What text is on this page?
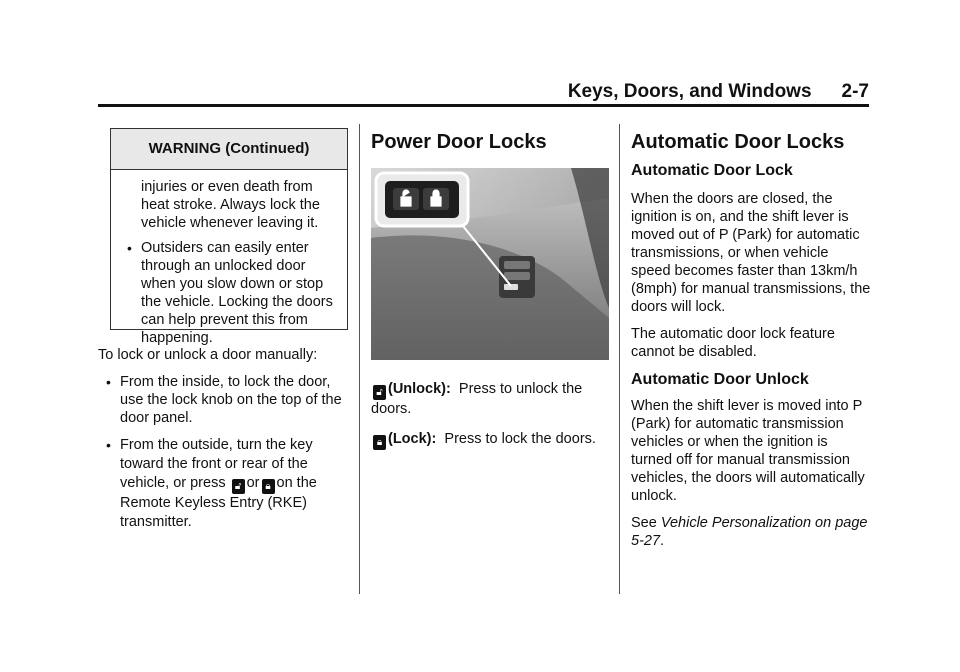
Keys, Doors, and Windows 2-7
WARNING (Continued)

injuries or even death from heat stroke. Always lock the vehicle whenever leaving it.

• Outsiders can easily enter through an unlocked door when you slow down or stop the vehicle. Locking the doors can help prevent this from happening.

To lock or unlock a door manually:

• From the inside, to lock the door, use the lock knob on the top of the door panel.

• From the outside, turn the key toward the front or rear of the
vehicle, or press 🔓︎ or 🔒︎ on the
Remote Keyless Entry (RKE) transmitter.
Power Door Locks

🔓︎ (Unlock): Press to unlock the doors.

🔒︎ (Lock): Press to lock the doors.

Automatic Door Locks
Automatic Door Lock

When the doors are closed, the ignition is on, and the shift lever is moved out of P (Park) for automatic transmissions, or when vehicle speed becomes faster than 13km/h (8mph) for manual transmissions, the doors will lock.

The automatic door lock feature cannot be disabled.

Automatic Door Unlock

When the shift lever is moved into P (Park) for automatic transmission vehicles or when the ignition is turned off for manual transmission vehicles, the doors will automatically unlock.

See Vehicle Personalization on page 5-27.
